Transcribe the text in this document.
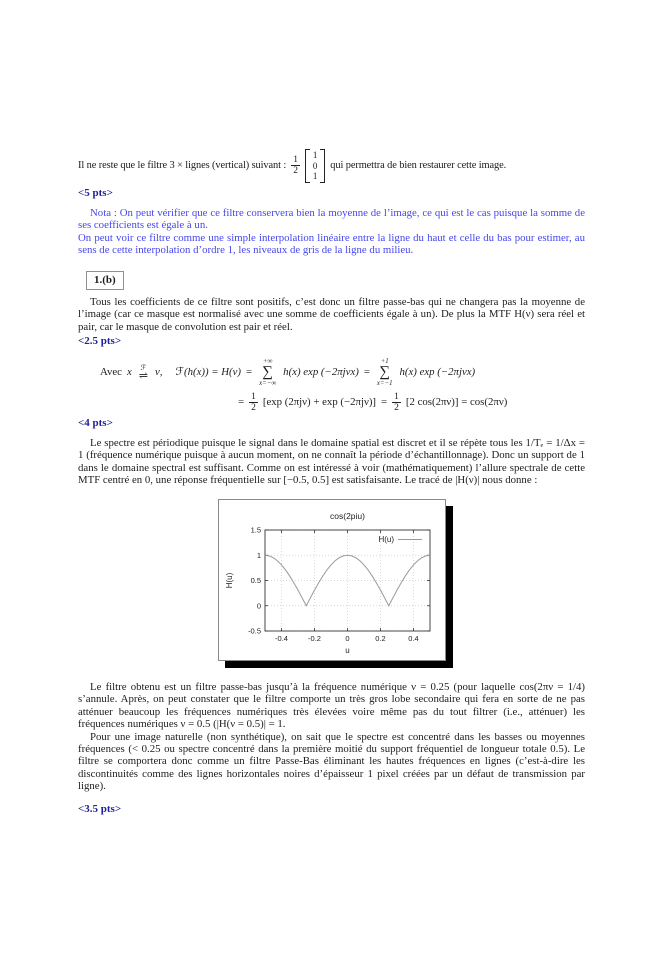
Il ne reste que le filtre 3 × lignes (vertical) suivant : $\frac{1}{2}$
1
0
1
qui permettra de bien restaurer cette image.

<5 pts>

Nota : On peut vérifier que ce filtre conservera bien la moyenne de l’image, ce qui est le cas puisque la somme de ses coefficients est égale à un.

On peut voir ce filtre comme une simple interpolation linéaire entre la ligne du haut et celle du bas pour estimer, au sens de cette interpolation d’ordre 1, les niveaux de gris de la ligne du milieu.

1.(b)

Tous les coefficients de ce filtre sont positifs, c’est donc un filtre passe-bas qui ne changera pas la moyenne de l’image (car ce masque est normalisé avec une somme de coefficients égale à un). De plus la MTF H(ν) sera réel et pair, car le masque de convolution est pair et réel.

<2.5 pts>

Avec x ℱ
⇌ ν, ℱ(h(x)) = H(ν) =
+∞
∑
x=−∞
h(x) exp (−2πjνx) =
+1
∑
x=−1
h(x) exp (−2πjνx)
= $\frac{1}{2} [\exp$ $(2\pi j\nu) + \exp (-2\pi j\nu)] = \frac{1}{2} [2$ cos(2πν)] = cos(2πν)

<4 pts>

Le spectre est périodique puisque le signal dans le domaine spatial est discret et il se répète tous les 1/Tₑ = 1/Δx = 1 (fréquence numérique puisque à aucun moment, on ne connaît la période d’échantillonnage). Donc un support de 1 dans le domaine spectral est suffisant. Comme on est intéressé à voir (mathématiquement) l’allure spectrale de cette MTF centré en 0, une réponse fréquentielle sur [−0.5, 0.5] est satisfaisante. Le tracé de |H(ν)| nous donne :

-0.4	-0.2	0	0.2	0.4
-0.5
0
0.5
1
1.5
cos(2piu)
u
H(u)
H(u)

Le filtre obtenu est un filtre passe-bas jusqu’à la fréquence numérique ν = 0.25 (pour laquelle cos(2πν = 1/4) s’annule. Après, on peut constater que le filtre comporte un très gros lobe secondaire qui fera en sorte de ne pas atténuer beaucoup les fréquences numériques très élevées voire même pas du tout filtrer (i.e., atténuer) les fréquences numériques ν = 0.5 (|H(ν = 0.5)| = 1.

Pour une image naturelle (non synthétique), on sait que le spectre est concentré dans les basses ou moyennes fréquences (< 0.25 ou spectre concentré dans la première moitié du support fréquentiel de longueur totale 0.5). Le filtre se comportera donc comme un filtre Passe-Bas éliminant les hautes fréquences en lignes (c’est-à-dire les discontinuités comme des lignes horizontales noires d’épaisseur 1 pixel créées par un défaut de transmission par ligne).

<3.5 pts>
